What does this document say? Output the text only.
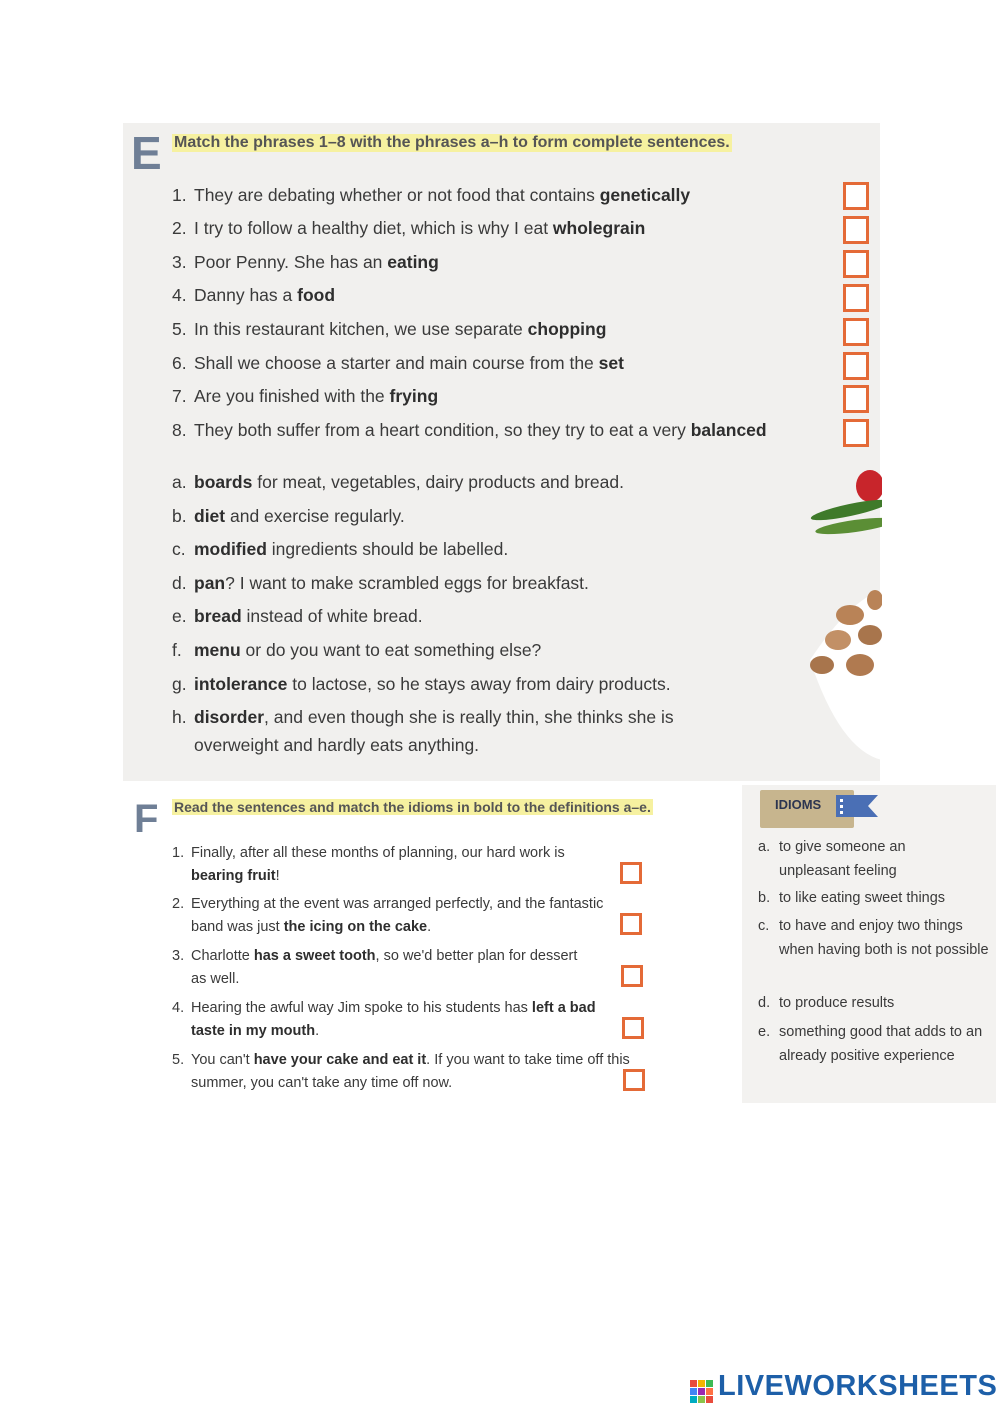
E Match the phrases 1–8 with the phrases a–h to form complete sentences.
1. They are debating whether or not food that contains genetically
2. I try to follow a healthy diet, which is why I eat wholegrain
3. Poor Penny. She has an eating
4. Danny has a food
5. In this restaurant kitchen, we use separate chopping
6. Shall we choose a starter and main course from the set
7. Are you finished with the frying
8. They both suffer from a heart condition, so they try to eat a very balanced
a. boards for meat, vegetables, dairy products and bread.
b. diet and exercise regularly.
c. modified ingredients should be labelled.
d. pan? I want to make scrambled eggs for breakfast.
e. bread instead of white bread.
f. menu or do you want to eat something else?
g. intolerance to lactose, so he stays away from dairy products.
h. disorder, and even though she is really thin, she thinks she is
overweight and hardly eats anything.
F Read the sentences and match the idioms in bold to the definitions a–e.
1. Finally, after all these months of planning, our hard work is bearing fruit!
2. Everything at the event was arranged perfectly, and the fantastic band was just the icing on the cake.
3. Charlotte has a sweet tooth, so we'd better plan for dessert as well.
4. Hearing the awful way Jim spoke to his students has left a bad taste in my mouth.
5. You can't have your cake and eat it. If you want to take time off this summer, you can't take any time off now.
IDIOMS
a. to give someone an unpleasant feeling
b. to like eating sweet things
c. to have and enjoy two things when having both is not possible
d. to produce results
e. something good that adds to an already positive experience
LIVEWORKSHEETS
